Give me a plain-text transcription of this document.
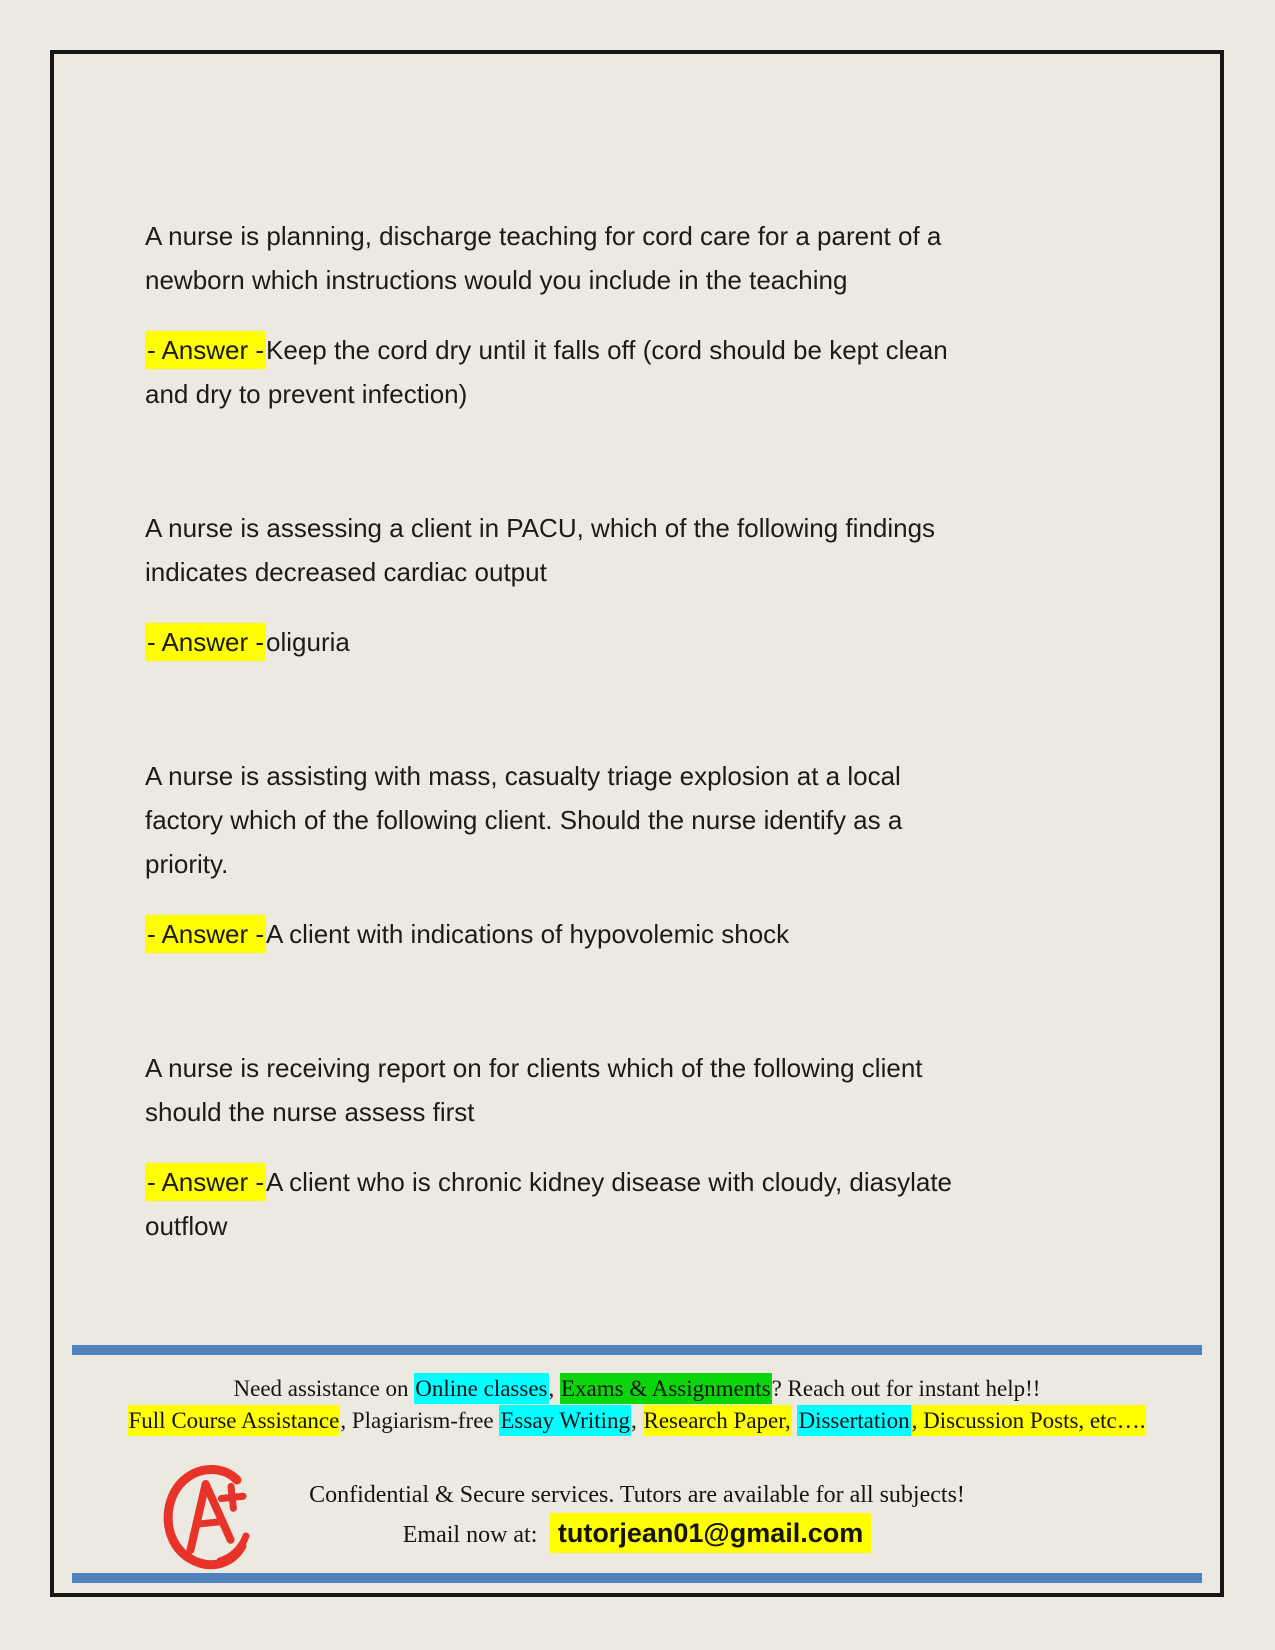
A nurse is planning, discharge teaching for cord care for a parent of a
newborn which instructions would you include in the teaching
- Answer -Keep the cord dry until it falls off (cord should be kept clean
and dry to prevent infection)
A nurse is assessing a client in PACU, which of the following findings
indicates decreased cardiac output
- Answer -oliguria
A nurse is assisting with mass, casualty triage explosion at a local
factory which of the following client. Should the nurse identify as a
priority.
- Answer -A client with indications of hypovolemic shock
A nurse is receiving report on for clients which of the following client
should the nurse assess first
- Answer -A client who is chronic kidney disease with cloudy, diasylate
outflow
Need assistance on Online classes, Exams & Assignments? Reach out for instant help!!
Full Course Assistance, Plagiarism-free Essay Writing, Research Paper, Dissertation, Discussion Posts, etc….
Confidential & Secure services. Tutors are available for all subjects!
Email now at: tutorjean01@gmail.com
